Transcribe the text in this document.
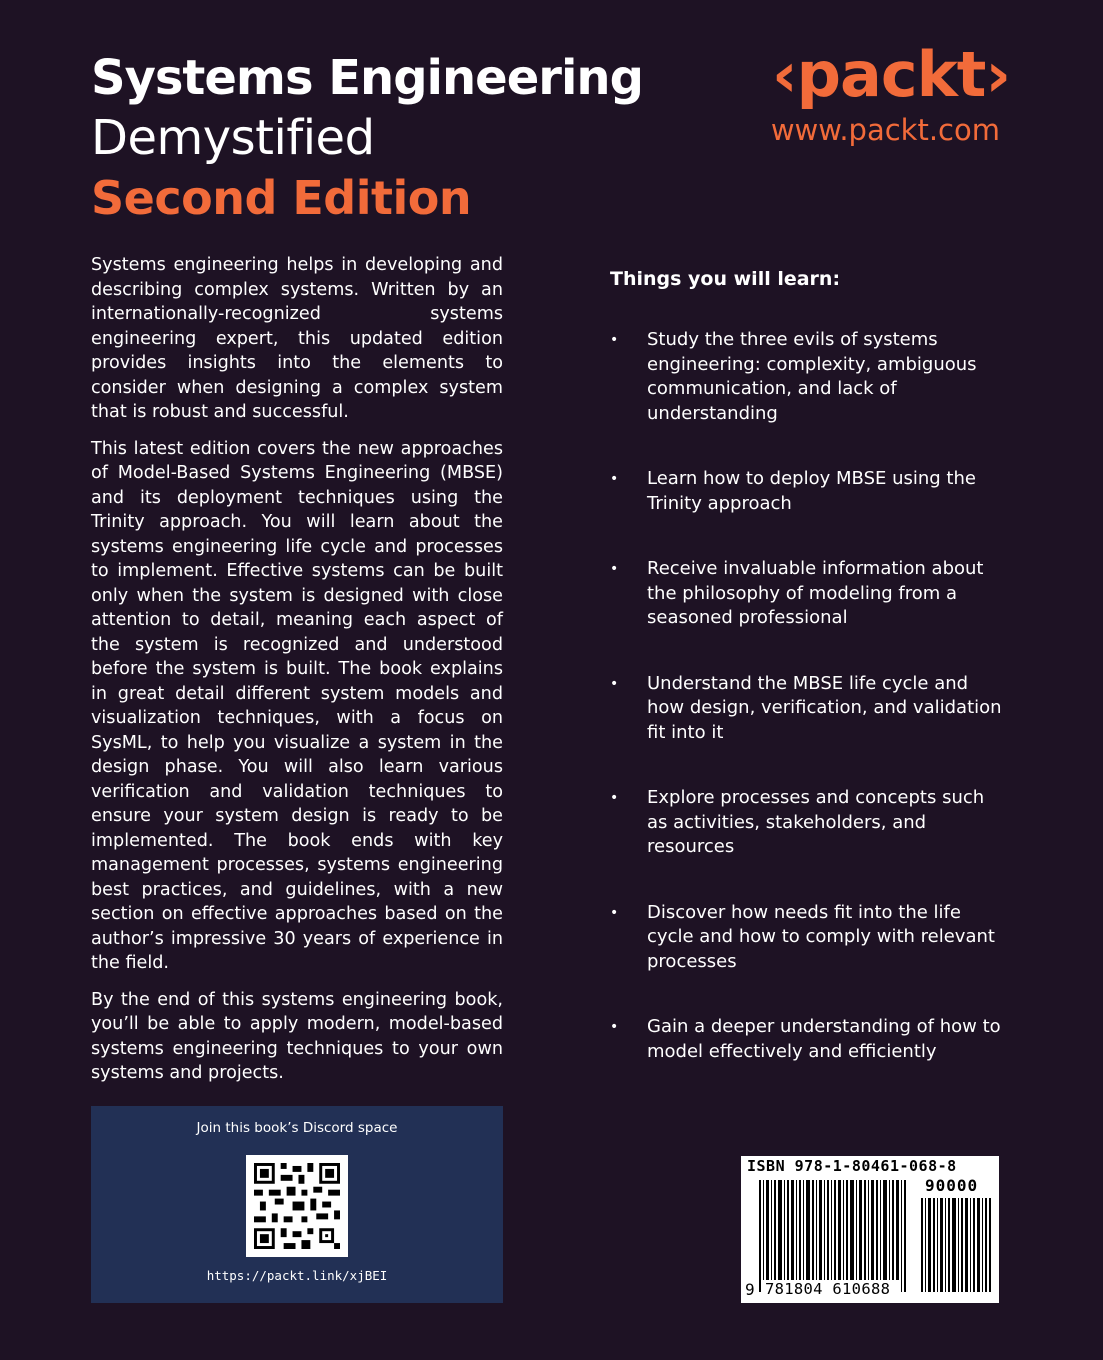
Systems Engineering
Demystified
Second Edition
‹packt›
www.packt.com

Systems engineering helps in developing and describing complex systems. Written by an internationally-recognized systems engineering expert, this updated edition provides insights into the elements to consider when designing a complex system that is robust and successful.

This latest edition covers the new approaches of Model-Based Systems Engineering (MBSE) and its deployment techniques using the Trinity approach. You will learn about the systems engineering life cycle and processes to implement. Effective systems can be built only when the system is designed with close attention to detail, meaning each aspect of the system is recognized and understood before the system is built. The book explains in great detail different system models and visualization techniques, with a focus on SysML, to help you visualize a system in the design phase. You will also learn various verification and validation techniques to ensure your system design is ready to be implemented. The book ends with key management processes, systems engineering best practices, and guidelines, with a new section on effective approaches based on the author’s impressive 30 years of experience in the field.

By the end of this systems engineering book, you’ll be able to apply modern, model-based systems engineering techniques to your own systems and projects.

Things you will learn:
• Study the three evils of systems engineering: complexity, ambiguous communication, and lack of understanding
• Learn how to deploy MBSE using the Trinity approach
• Receive invaluable information about the philosophy of modeling from a seasoned professional
• Understand the MBSE life cycle and how design, verification, and validation fit into it
• Explore processes and concepts such as activities, stakeholders, and resources
• Discover how needs fit into the life cycle and how to comply with relevant processes
• Gain a deeper understanding of how to model effectively and efficiently
Join this book’s Discord space
https://packt.link/xjBEI
ISBN 978-1-80461-068-8
90000
9 781804 610688
